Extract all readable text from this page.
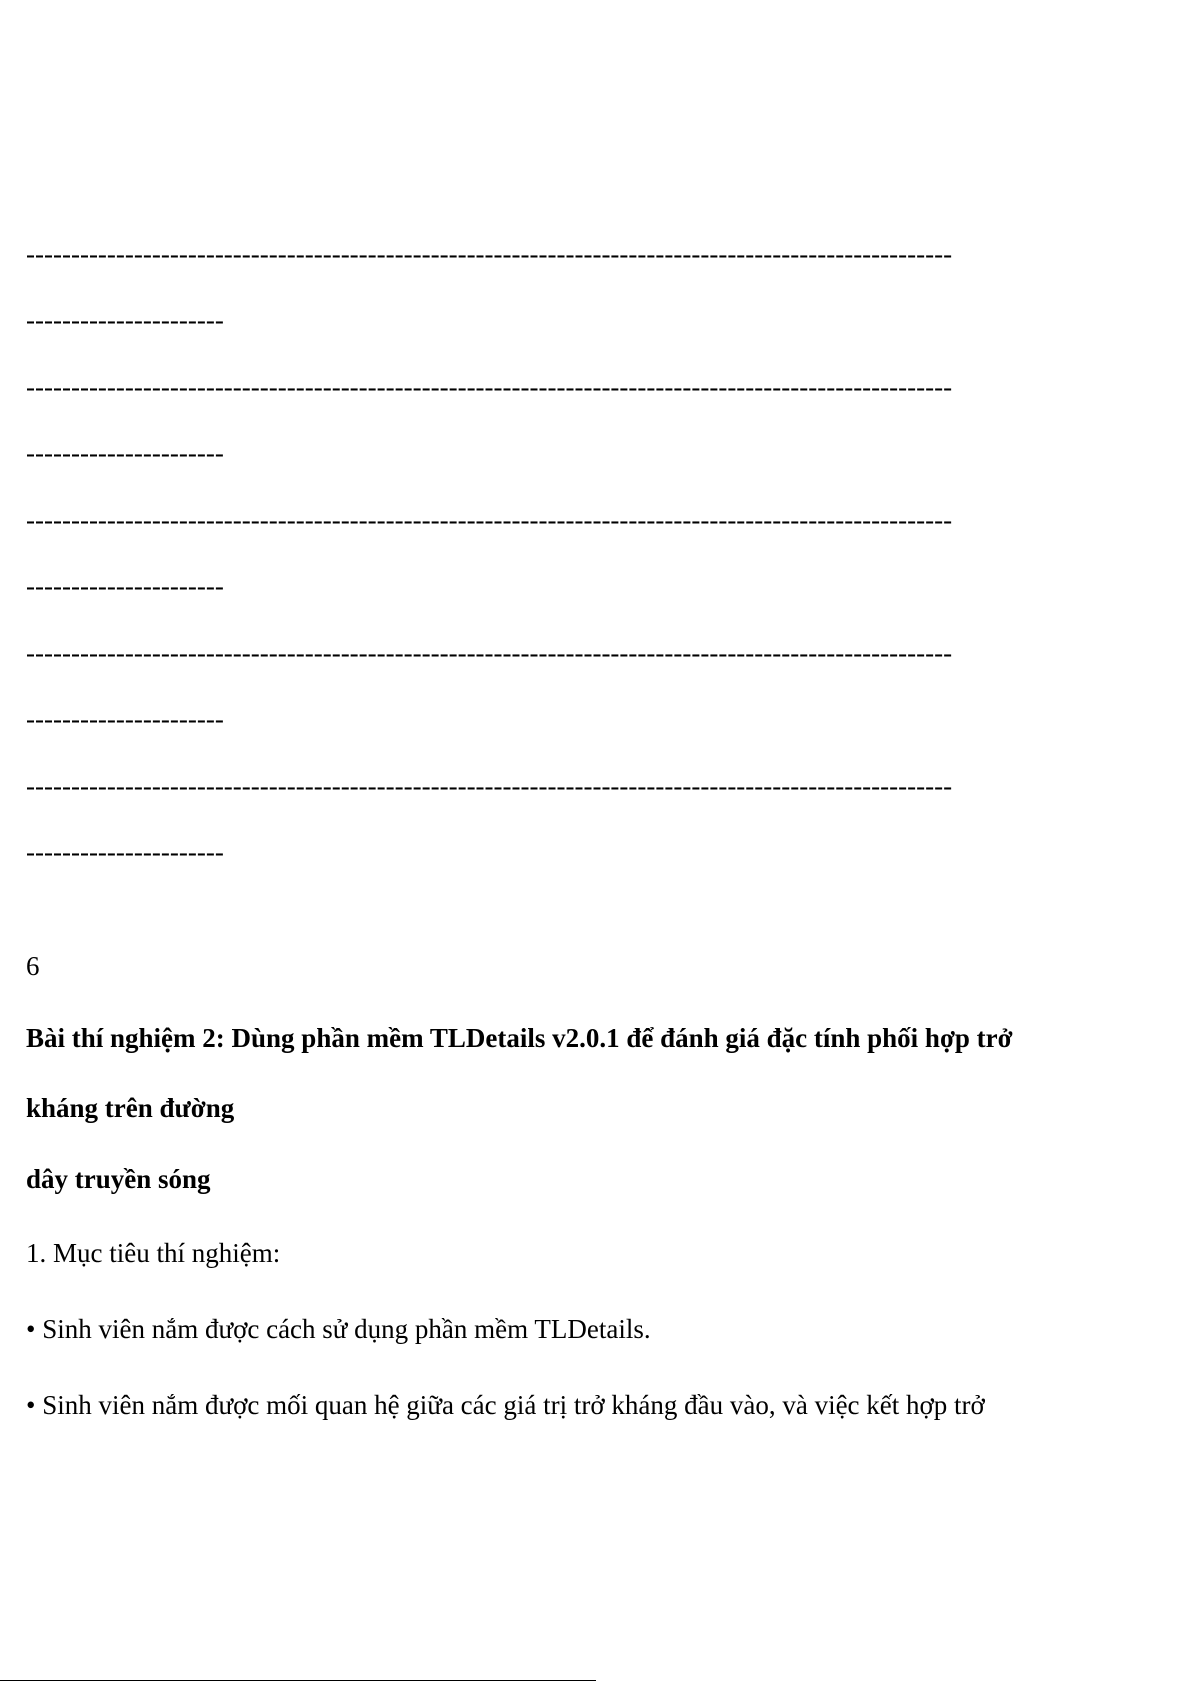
-------------------------------------------------------------------------------------------------------
----------------------
-------------------------------------------------------------------------------------------------------
----------------------
-------------------------------------------------------------------------------------------------------
----------------------
-------------------------------------------------------------------------------------------------------
----------------------
-------------------------------------------------------------------------------------------------------
----------------------
6
Bài thí nghiệm 2: Dùng phần mềm TLDetails v2.0.1 để đánh giá đặc tính phối hợp trở
kháng trên đường
dây truyền sóng
1. Mục tiêu thí nghiệm:
• Sinh viên nắm được cách sử dụng phần mềm TLDetails.
• Sinh viên nắm được mối quan hệ giữa các giá trị trở kháng đầu vào, và việc kết hợp trở
